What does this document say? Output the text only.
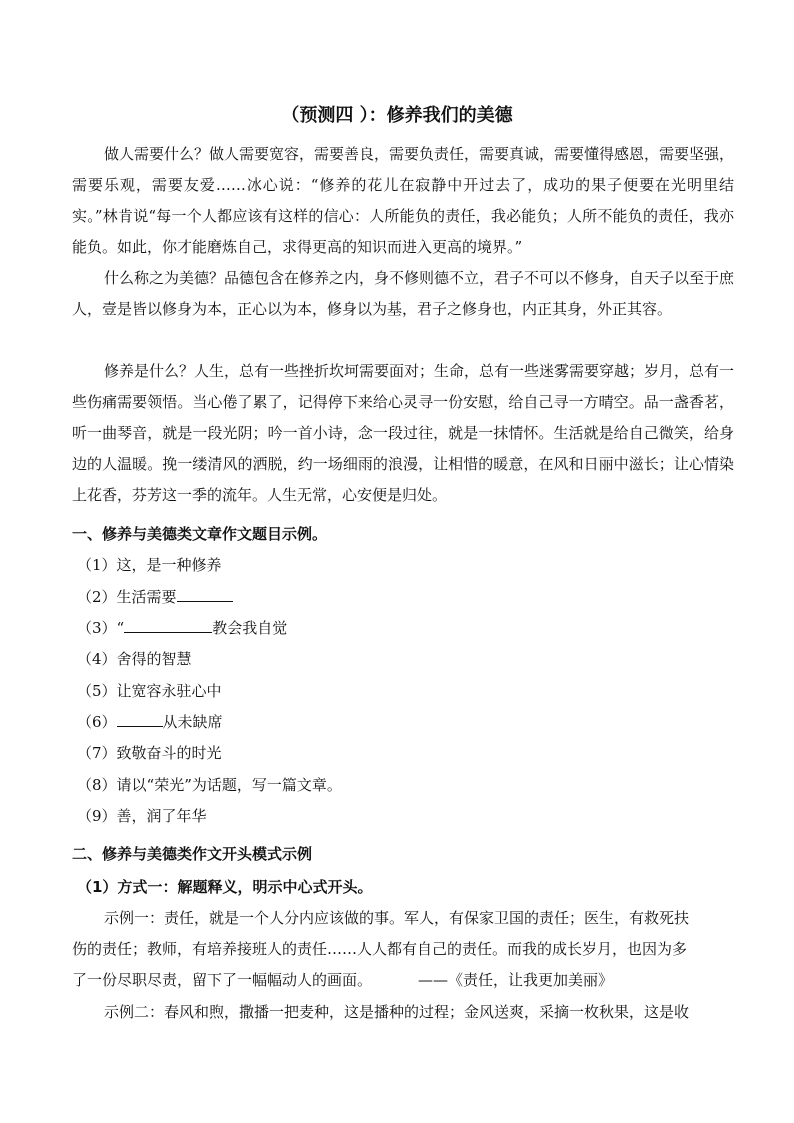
（预测四 ）：修养我们的美德

做人需要什么？做人需要宽容，需要善良，需要负责任，需要真诚，需要懂得感恩，需要坚强，需要乐观，需要友爱……冰心说：“修养的花儿在寂静中开过去了，成功的果子便要在光明里结实。”林肯说“每一个人都应该有这样的信心：人所能负的责任，我必能负；人所不能负的责任，我亦能负。如此，你才能磨炼自己，求得更高的知识而进入更高的境界。”

什么称之为美德？品德包含在修养之内，身不修则德不立，君子不可以不修身，自天子以至于庶人，壹是皆以修身为本，正心以为本，修身以为基，君子之修身也，内正其身，外正其容。

修养是什么？人生，总有一些挫折坎坷需要面对；生命，总有一些迷雾需要穿越；岁月，总有一些伤痛需要领悟。当心倦了累了，记得停下来给心灵寻一份安慰，给自己寻一方晴空。品一盏香茗，听一曲琴音，就是一段光阴；吟一首小诗，念一段过往，就是一抹情怀。生活就是给自己微笑，给身边的人温暖。挽一缕清风的洒脱，约一场细雨的浪漫，让相惜的暖意，在风和日丽中滋长；让心情染上花香，芬芳这一季的流年。人生无常，心安便是归处。

一、修养与美德类文章作文题目示例。
（1）这，是一种修养
（2）生活需要
（3）“	教会我自觉
（4）舍得的智慧
（5）让宽容永驻心中
（6）	从未缺席
（7）致敬奋斗的时光
（8）请以“荣光”为话题，写一篇文章。
（9）善，润了年华
二、修养与美德类作文开头模式示例
（1）方式一：解题释义，明示中心式开头。
示例一：责任，就是一个人分内应该做的事。军人，有保家卫国的责任；医生，有救死扶
伤的责任；教师，有培养接班人的责任……人人都有自己的责任。而我的成长岁月，也因为多
了一份尽职尽责，留下了一幅幅动人的画面。	——《责任，让我更加美丽》
示例二：春风和煦，撒播一把麦种，这是播种的过程；金风送爽，采摘一枚秋果，这是收
